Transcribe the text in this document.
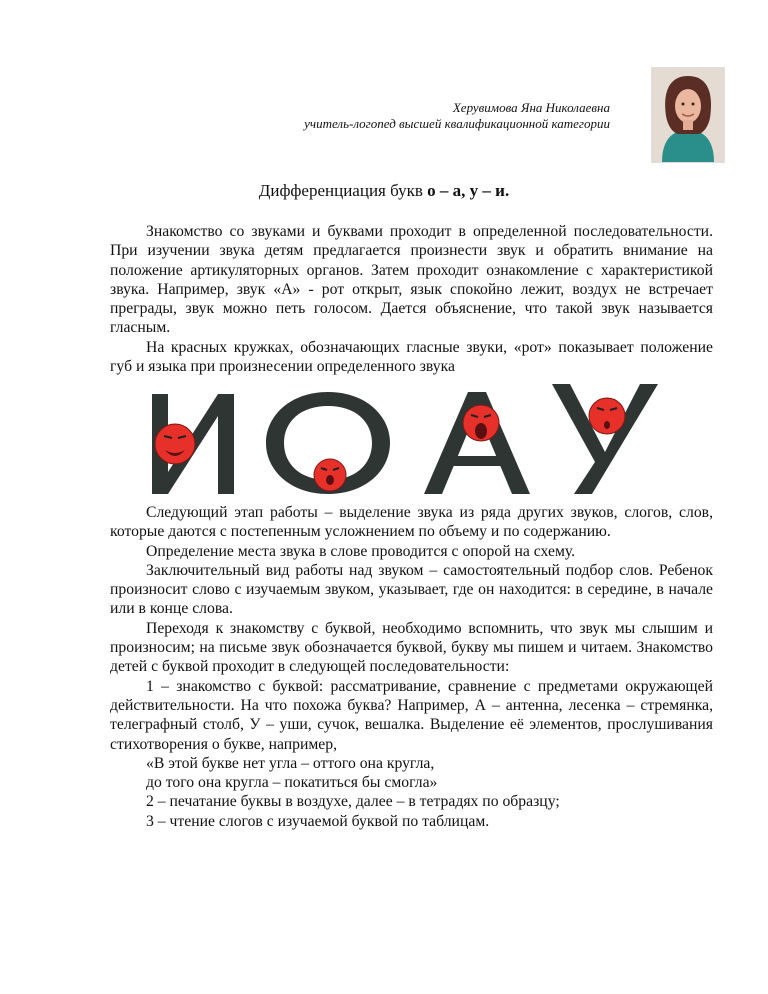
Херувимова Яна Николаевна
учитель-логопед высшей квалификационной категории
Дифференциация букв о – а, у – и.

Знакомство со звуками и буквами проходит в определенной последовательности. При изучении звука детям предлагается произнести звук и обратить внимание на положение артикуляторных органов. Затем проходит ознакомление с характеристикой звука. Например, звук «А» - рот открыт, язык спокойно лежит, воздух не встречает преграды, звук можно петь голосом. Дается объяснение, что такой звук называется гласным.

На красных кружках, обозначающих гласные звуки, «рот» показывает положение губ и языка при произнесении определенного звука

Следующий этап работы – выделение звука из ряда других звуков, слогов, слов, которые даются с постепенным усложнением по объему и по содержанию.

Определение места звука в слове проводится с опорой на схему.

Заключительный вид работы над звуком – самостоятельный подбор слов. Ребенок произносит слово с изучаемым звуком, указывает, где он находится: в середине, в начале или в конце слова.

Переходя к знакомству с буквой, необходимо вспомнить, что звук мы слышим и произносим; на письме звук обозначается буквой, букву мы пишем и читаем. Знакомство детей с буквой проходит в следующей последовательности:

1 – знакомство с буквой: рассматривание, сравнение с предметами окружающей действительности. На что похожа буква? Например, А – антенна, лесенка – стремянка, телеграфный столб, У – уши, сучок, вешалка. Выделение её элементов, прослушивания стихотворения о букве, например,

«В этой букве нет угла – оттого она кругла,

до того она кругла – покатиться бы смогла»

2 – печатание буквы в воздухе, далее – в тетрадях по образцу;

3 – чтение слогов с изучаемой буквой по таблицам.
